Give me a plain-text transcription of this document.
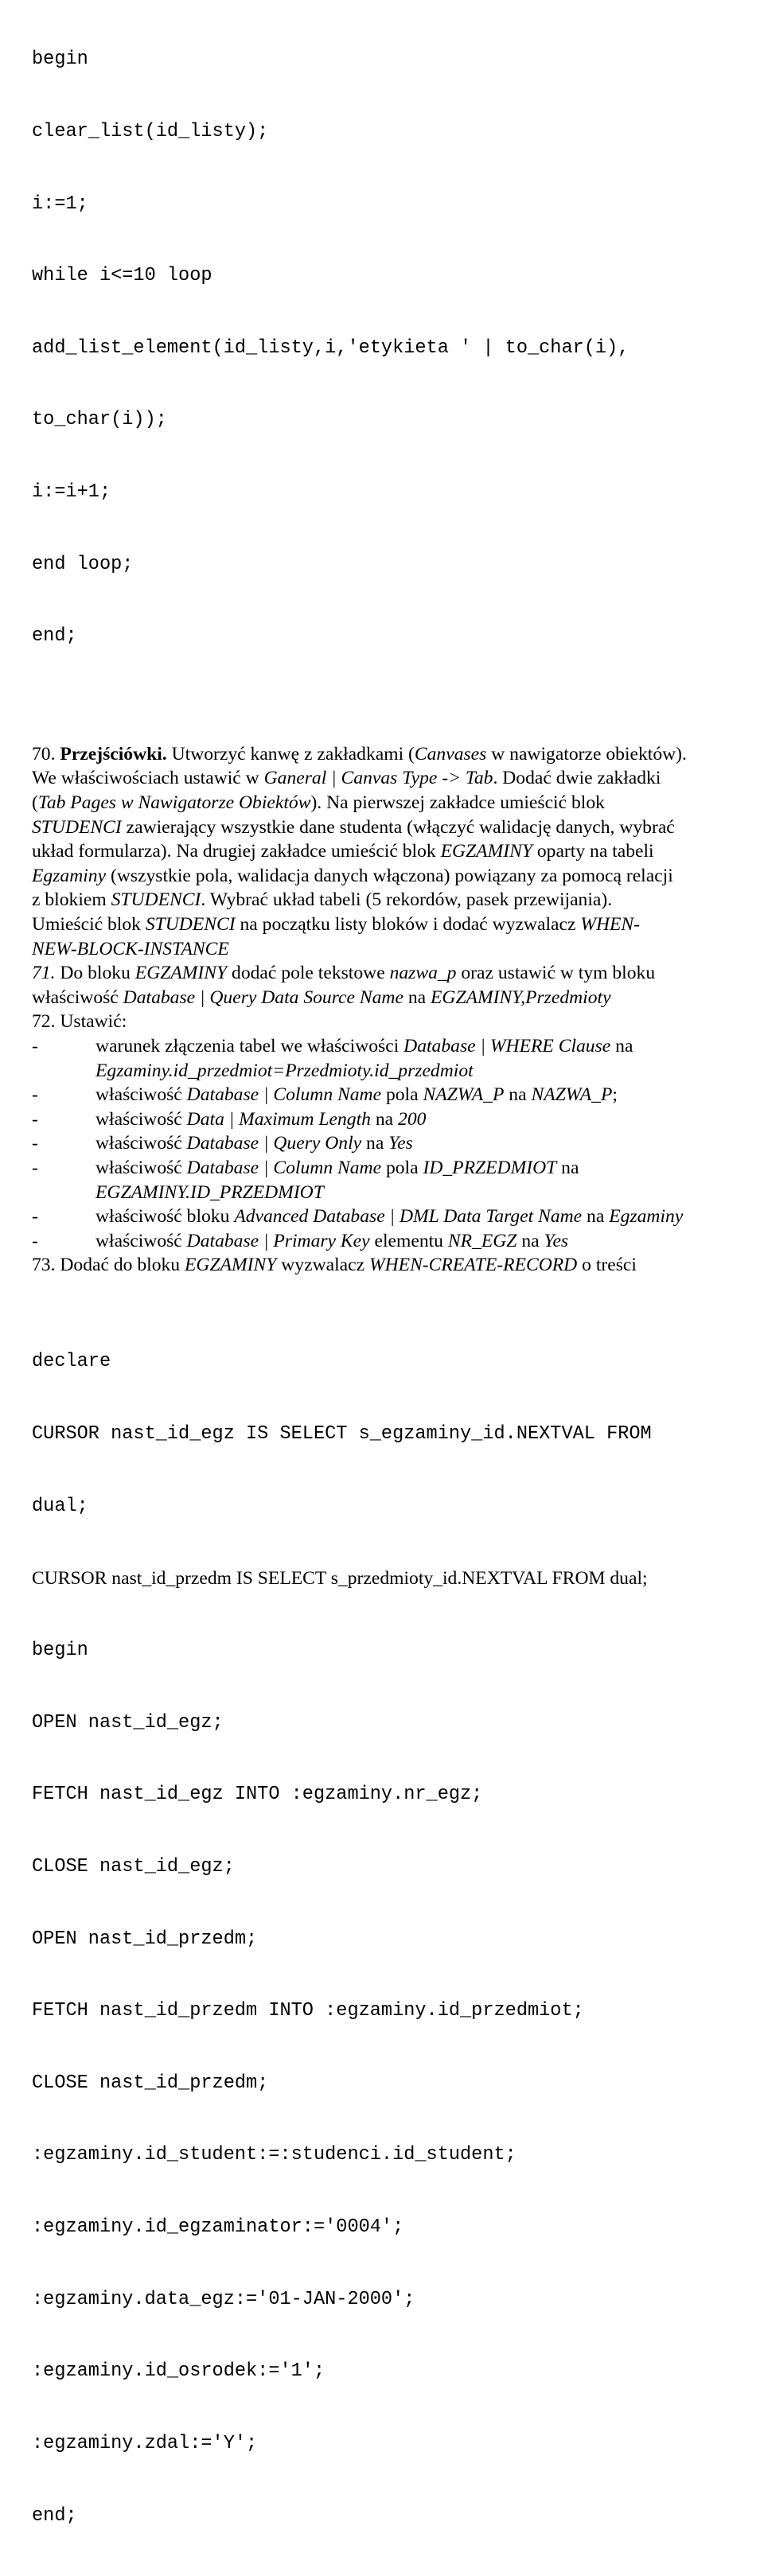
begin

clear_list(id_listy);

i:=1;

while i<=10 loop

add_list_element(id_listy,i,'etykieta ' | to_char(i),

to_char(i));

i:=i+1;

end loop;

end;

70. Przejściówki. Utworzyć kanwę z zakładkami (Canvases w nawigatorze obiektów).
We właściwościach ustawić w Ganeral | Canvas Type -> Tab. Dodać dwie zakładki
(Tab Pages w Nawigatorze Obiektów). Na pierwszej zakładce umieścić blok
STUDENCI zawierający wszystkie dane studenta (włączyć walidację danych, wybrać
układ formularza). Na drugiej zakładce umieścić blok EGZAMINY oparty na tabeli
Egzaminy (wszystkie pola, walidacja danych włączona) powiązany za pomocą relacji
z blokiem STUDENCI. Wybrać układ tabeli (5 rekordów, pasek przewijania).
Umieścić blok STUDENCI na początku listy bloków i dodać wyzwalacz WHEN-
NEW-BLOCK-INSTANCE
71. Do bloku EGZAMINY dodać pole tekstowe nazwa_p oraz ustawić w tym bloku
właściwość Database | Query Data Source Name na EGZAMINY,Przedmioty
72. Ustawić:
-	warunek złączenia tabel we właściwości Database | WHERE Clause na
Egzaminy.id_przedmiot=Przedmioty.id_przedmiot
-	właściwość Database | Column Name pola NAZWA_P na NAZWA_P;
-	właściwość Data | Maximum Length na 200
-	właściwość Database | Query Only na Yes
-	właściwość Database | Column Name pola ID_PRZEDMIOT na
EGZAMINY.ID_PRZEDMIOT
-	właściwość bloku Advanced Database | DML Data Target Name na Egzaminy
-	właściwość Database | Primary Key elementu NR_EGZ na Yes
73. Dodać do bloku EGZAMINY wyzwalacz WHEN-CREATE-RECORD o treści

declare

CURSOR nast_id_egz IS SELECT s_egzaminy_id.NEXTVAL FROM

dual;

CURSOR nast_id_przedm IS SELECT s_przedmioty_id.NEXTVAL FROM dual;

begin

OPEN nast_id_egz;

FETCH nast_id_egz INTO :egzaminy.nr_egz;

CLOSE nast_id_egz;

OPEN nast_id_przedm;

FETCH nast_id_przedm INTO :egzaminy.id_przedmiot;

CLOSE nast_id_przedm;

:egzaminy.id_student:=:studenci.id_student;

:egzaminy.id_egzaminator:='0004';

:egzaminy.data_egz:='01-JAN-2000';

:egzaminy.id_osrodek:='1';

:egzaminy.zdal:='Y';

end;
